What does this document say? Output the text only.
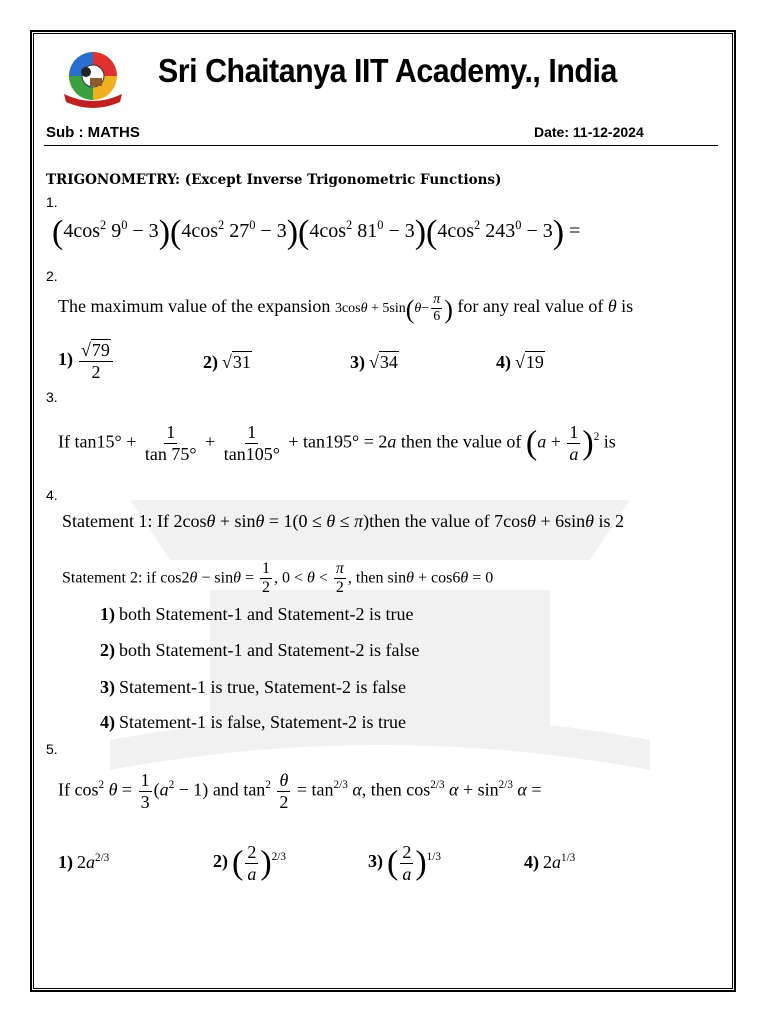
Sri Chaitanya IIT Academy., India
Sub : MATHS	Date: 11-12-2024
TRIGONOMETRY: (Except Inverse Trigonometric Functions)
1.
($4\cos^2$ $9^0 - 3)(4\cos^2$ $27^0 - 3)(4\cos^2$ $81^0 - 3)(4\cos^2$ $243^0 - 3$) =
2.
The maximum value of the expansion $3\cos\theta + 5\sin(\theta- \frac{\pi}{6}$ ) for any real value of θ is
$1) \frac{√79}{2}$	2) √31	3) √34	4) √19
3.
If $\tan 15^\circ + \frac{1}{\tan 75^\circ} + \frac{1}{\tan 105^\circ} + \tan 195^\circ = 2a$ then the value of $(a + \frac{1}{a} )^2$ is
4.
Statement 1: If 2cosθ + sinθ = 1(0 ≤ θ ≤ π)then the value of 7cosθ + 6sinθ is 2
Statement 2: if $\cos 2\theta - \sin\theta = \frac{1}{2}$ , $0 < \theta < \frac{\pi}{2}$ , then sinθ + cos6θ = 0
1) both Statement-1 and Statement-2 is true
2) both Statement-1 and Statement-2 is false
3) Statement-1 is true, Statement-2 is false
4) Statement-1 is false, Statement-2 is true
5.
If $\cos^2 \theta = \frac{1}{3} (a^2 - 1)$ and $\tan^2 \frac{\theta}{2} = \tan^{2/3} \alpha$, then $\cos^{2/3} \alpha + \sin^{2/3} \alpha$ =
1) $2a^{2/3}$	2) ( $\frac{2}{a} )^{2/3}$	3) ( $\frac{2}{a} )^{1/3}$	4) $2a^{1/3}$
